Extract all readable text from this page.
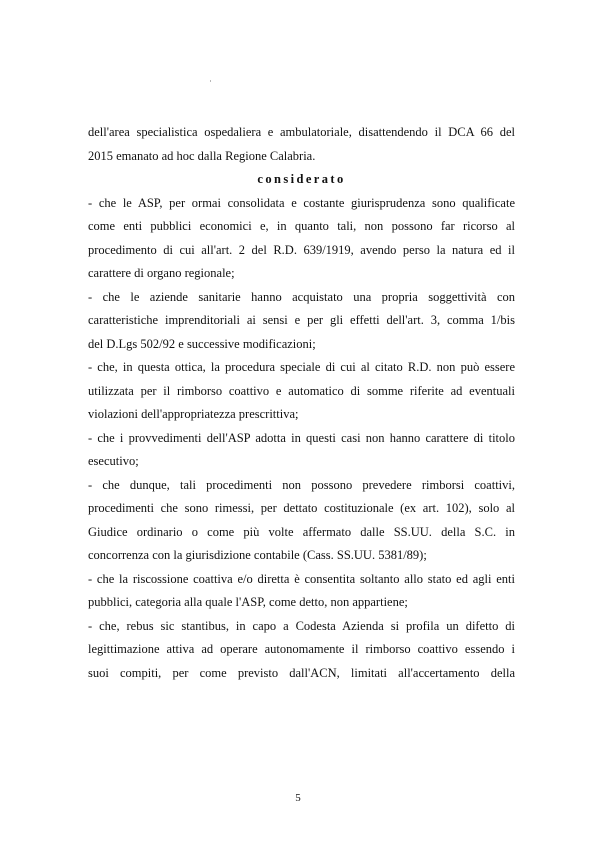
dell'area specialistica ospedaliera e ambulatoriale, disattendendo il DCA 66 del
2015 emanato ad hoc dalla Regione Calabria.
considerato
- che le ASP, per ormai consolidata e costante giurisprudenza sono qualificate
come enti pubblici economici e, in quanto tali, non possono far ricorso al
procedimento di cui all'art. 2 del R.D. 639/1919, avendo perso la natura ed il
carattere di organo regionale;
- che le aziende sanitarie hanno acquistato una propria soggettività con
caratteristiche imprenditoriali ai sensi e per gli effetti dell'art. 3, comma 1/bis
del D.Lgs 502/92 e successive modificazioni;
- che, in questa ottica, la procedura speciale di cui al citato R.D. non può essere
utilizzata per il rimborso coattivo e automatico di somme riferite ad eventuali
violazioni dell'appropriatezza prescrittiva;
- che i provvedimenti dell'ASP adotta in questi casi non hanno carattere di titolo
esecutivo;
- che dunque, tali procedimenti non possono prevedere rimborsi coattivi,
procedimenti che sono rimessi, per dettato costituzionale (ex art. 102), solo al
Giudice ordinario o come più volte affermato dalle SS.UU. della S.C. in
concorrenza con la giurisdizione contabile (Cass. SS.UU. 5381/89);
- che la riscossione coattiva e/o diretta è consentita soltanto allo stato ed agli enti
pubblici, categoria alla quale l'ASP, come detto, non appartiene;
- che, rebus sic stantibus, in capo a Codesta Azienda si profila un difetto di
legittimazione attiva ad operare autonomamente il rimborso coattivo essendo i
suoi compiti, per come previsto dall'ACN, limitati all'accertamento della
5
